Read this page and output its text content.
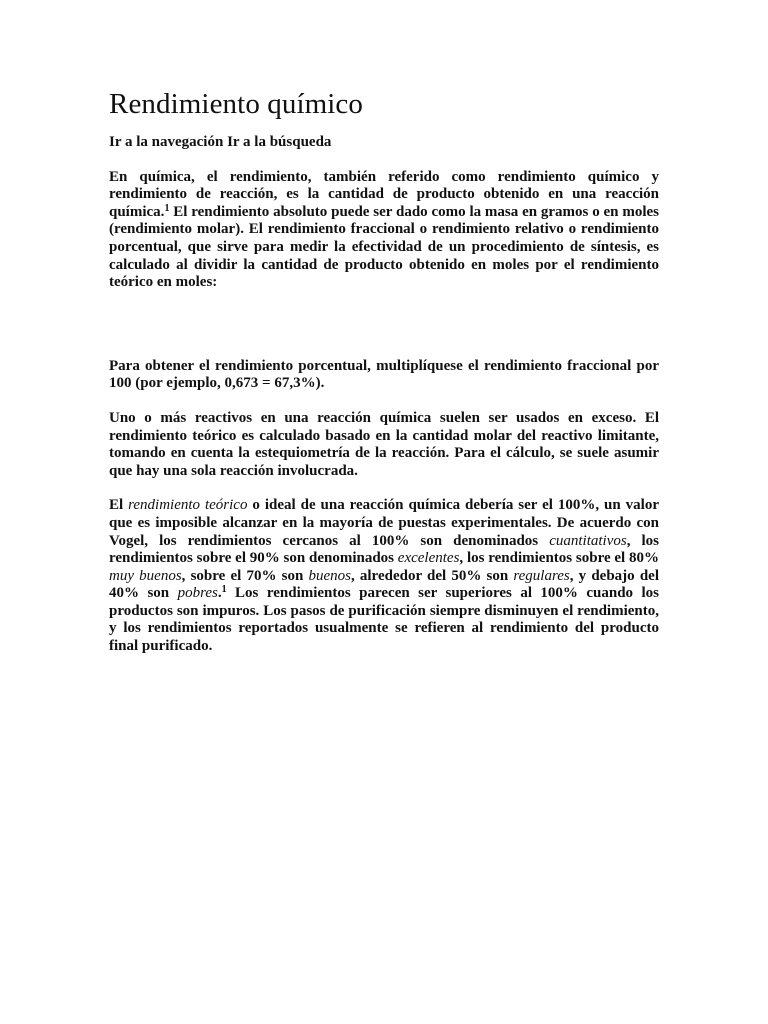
Rendimiento químico

Ir a la navegación Ir a la búsqueda

En química, el rendimiento, también referido como rendimiento químico y rendimiento de reacción, es la cantidad de producto obtenido en una reacción química.$^1$ El rendimiento absoluto puede ser dado como la masa en gramos o en moles (rendimiento molar). El rendimiento fraccional o rendimiento relativo o rendimiento porcentual, que sirve para medir la efectividad de un procedimiento de síntesis, es calculado al dividir la cantidad de producto obtenido en moles por el rendimiento teórico en moles:

Para obtener el rendimiento porcentual, multiplíquese el rendimiento fraccional por 100 (por ejemplo, 0,673 = 67,3%).

Uno o más reactivos en una reacción química suelen ser usados en exceso. El rendimiento teórico es calculado basado en la cantidad molar del reactivo limitante, tomando en cuenta la estequiometría de la reacción. Para el cálculo, se suele asumir que hay una sola reacción involucrada.

El rendimiento teórico o ideal de una reacción química debería ser el 100%, un valor que es imposible alcanzar en la mayoría de puestas experimentales. De acuerdo con Vogel, los rendimientos cercanos al 100% son denominados cuantitativos, los rendimientos sobre el 90% son denominados excelentes, los rendimientos sobre el 80% muy buenos, sobre el 70% son buenos, alrededor del 50% son regulares, y debajo del 40% son pobres.$^1$ Los rendimientos parecen ser superiores al 100% cuando los productos son impuros. Los pasos de purificación siempre disminuyen el rendimiento, y los rendimientos reportados usualmente se refieren al rendimiento del producto final purificado.
